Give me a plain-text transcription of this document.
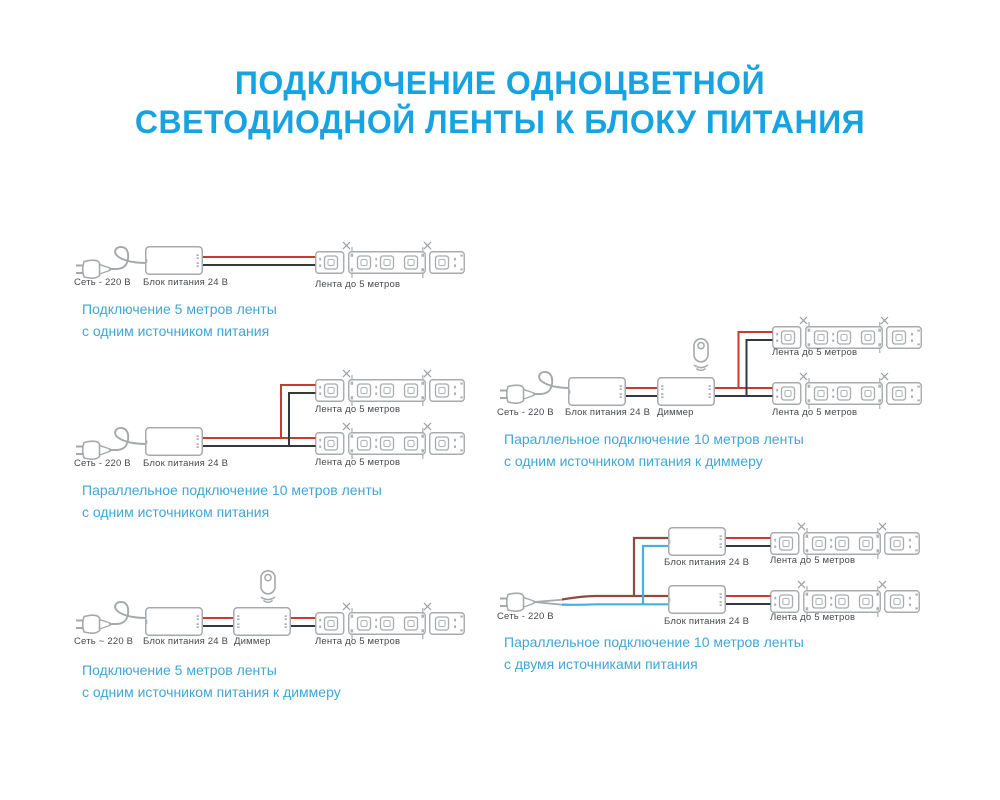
ПОДКЛЮЧЕНИЕ ОДНОЦВЕТНОЙ
СВЕТОДИОДНОЙ ЛЕНТЫ К БЛОКУ ПИТАНИЯ
Сеть - 220 В Блок питания 24 В	Лента до 5 метров
Подключение 5 метров ленты
с одним источником питания
Лента до 5 метров
Лента до 5 метров
Сеть - 220 В Блок питания 24 В
Параллельное подключение 10 метров ленты
с одним источником питания
Сеть ~ 220 В Блок питания 24 В Диммер	Лента до 5 метров
Подключение 5 метров ленты
с одним источником питания к диммеру
Лента до 5 метров
Сеть - 220 В Блок питания 24 В Диммер	Лента до 5 метров
Параллельное подключение 10 метров ленты
с одним источником питания к диммеру
Лента до 5 метров
Блок питания 24 В
Сеть - 220 В	Лента до 5 метров
Блок питания 24 В
Параллельное подключение 10 метров ленты
с двумя источниками питания
